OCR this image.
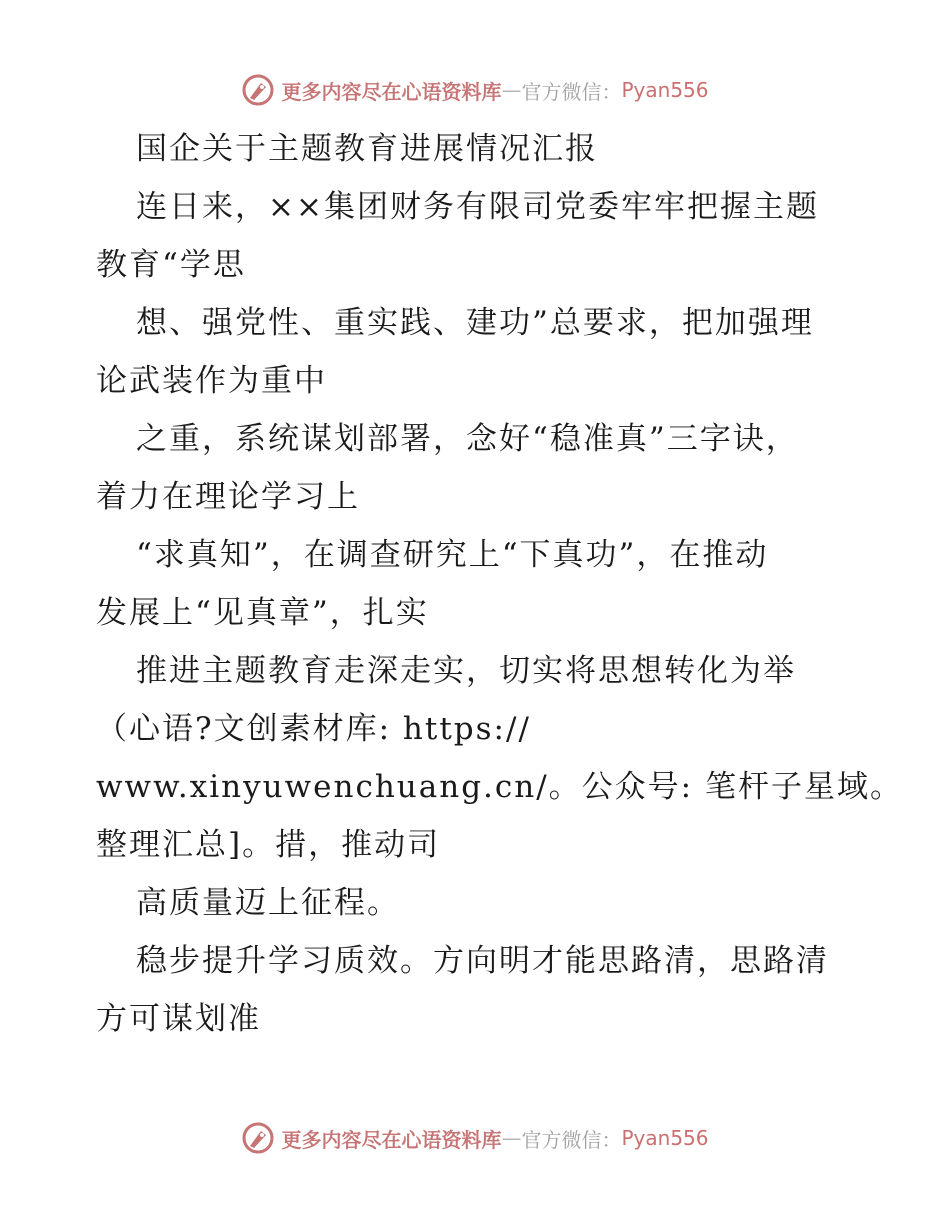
更多内容尽在心语资料库 — 官方微信： Pyan556
国企关于主题教育进展情况汇报
连日来，××集团财务有限司党委牢牢把握主题
教育“学思
想、强党性、重实践、建功”总要求，把加强理
论武装作为重中
之重，系统谋划部署，念好“稳准真”三字诀，
着力在理论学习上
“求真知”，在调查研究上“下真功”，在推动
发展上“见真章”，扎实
推进主题教育走深走实，切实将思想转化为举
（心语?文创素材库: https://
www.xinyuwenchuang.cn/。公众号: 笔杆子星域。
整理汇总]。措，推动司
高质量迈上征程。
稳步提升学习质效。方向明才能思路清，思路清
方可谋划准
更多内容尽在心语资料库 — 官方微信： Pyan556
